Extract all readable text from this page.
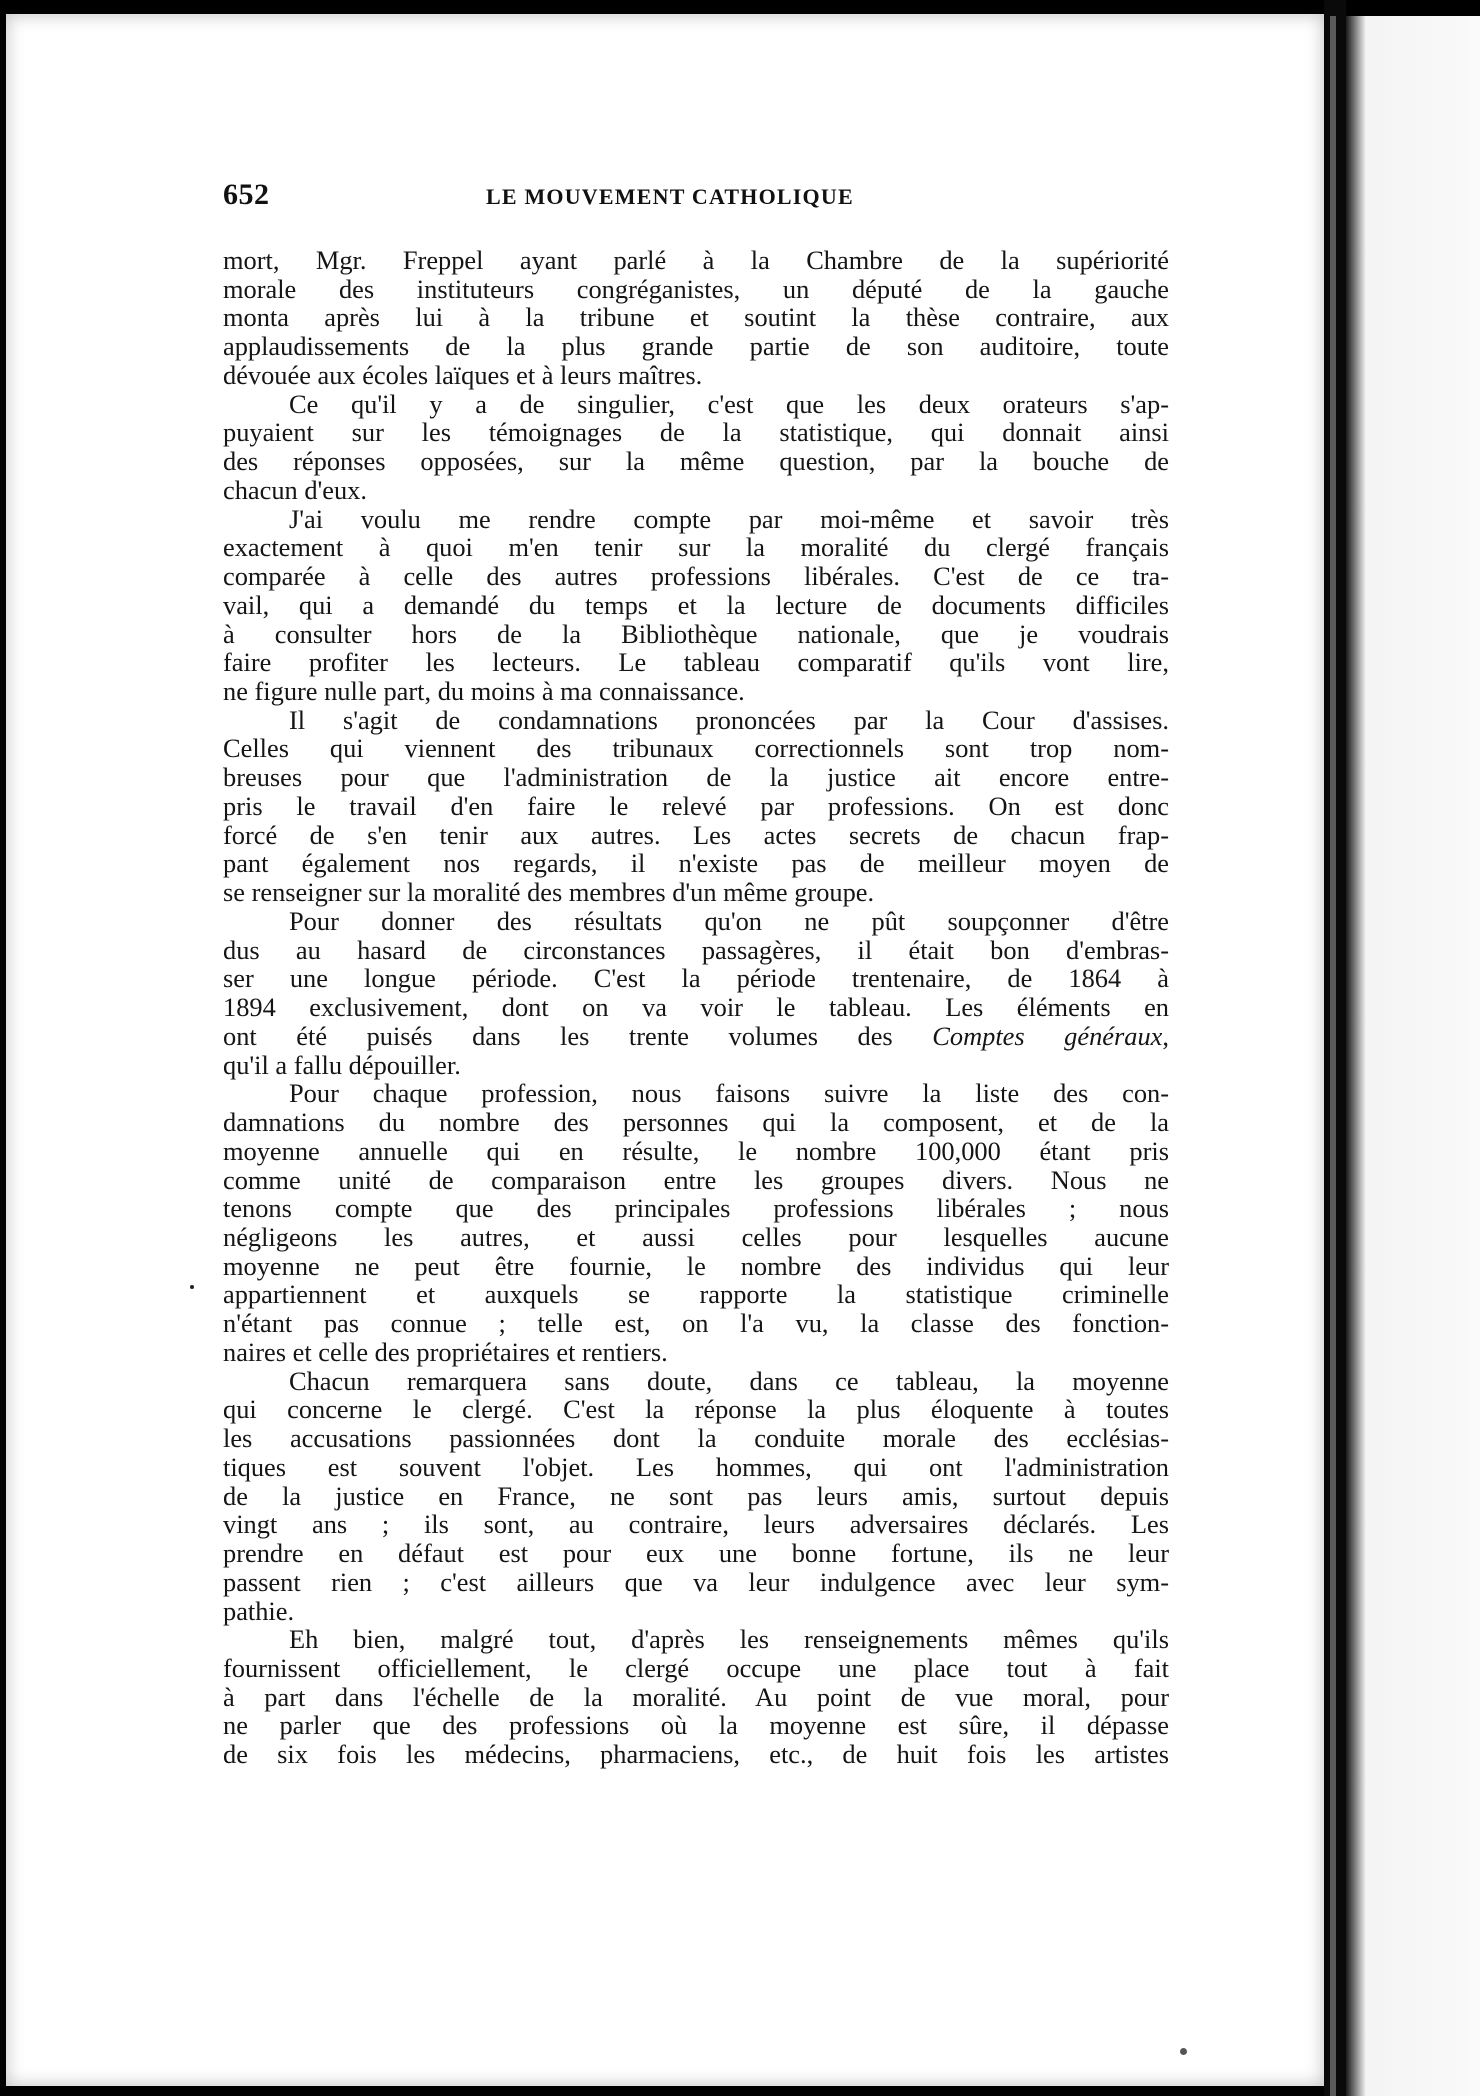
652	LE MOUVEMENT CATHOLIQUE
mort, Mgr. Freppel ayant parlé à la Chambre de la supériorité
morale des instituteurs congréganistes, un député de la gauche
monta après lui à la tribune et soutint la thèse contraire, aux
applaudissements de la plus grande partie de son auditoire, toute
dévouée aux écoles laïques et à leurs maîtres.
Ce qu'il y a de singulier, c'est que les deux orateurs s'ap-
puyaient sur les témoignages de la statistique, qui donnait ainsi
des réponses opposées, sur la même question, par la bouche de
chacun d'eux.
J'ai voulu me rendre compte par moi-même et savoir très
exactement à quoi m'en tenir sur la moralité du clergé français
comparée à celle des autres professions libérales. C'est de ce tra-
vail, qui a demandé du temps et la lecture de documents difficiles
à consulter hors de la Bibliothèque nationale, que je voudrais
faire profiter les lecteurs. Le tableau comparatif qu'ils vont lire,
ne figure nulle part, du moins à ma connaissance.
Il s'agit de condamnations prononcées par la Cour d'assises.
Celles qui viennent des tribunaux correctionnels sont trop nom-
breuses pour que l'administration de la justice ait encore entre-
pris le travail d'en faire le relevé par professions. On est donc
forcé de s'en tenir aux autres. Les actes secrets de chacun frap-
pant également nos regards, il n'existe pas de meilleur moyen de
se renseigner sur la moralité des membres d'un même groupe.
Pour donner des résultats qu'on ne pût soupçonner d'être
dus au hasard de circonstances passagères, il était bon d'embras-
ser une longue période. C'est la période trentenaire, de 1864 à
1894 exclusivement, dont on va voir le tableau. Les éléments en
ont été puisés dans les trente volumes des Comptes généraux,
qu'il a fallu dépouiller.
Pour chaque profession, nous faisons suivre la liste des con-
damnations du nombre des personnes qui la composent, et de la
moyenne annuelle qui en résulte, le nombre 100,000 étant pris
comme unité de comparaison entre les groupes divers. Nous ne
tenons compte que des principales professions libérales ; nous
négligeons les autres, et aussi celles pour lesquelles aucune
moyenne ne peut être fournie, le nombre des individus qui leur
appartiennent et auxquels se rapporte la statistique criminelle
n'étant pas connue ; telle est, on l'a vu, la classe des fonction-
naires et celle des propriétaires et rentiers.
Chacun remarquera sans doute, dans ce tableau, la moyenne
qui concerne le clergé. C'est la réponse la plus éloquente à toutes
les accusations passionnées dont la conduite morale des ecclésias-
tiques est souvent l'objet. Les hommes, qui ont l'administration
de la justice en France, ne sont pas leurs amis, surtout depuis
vingt ans ; ils sont, au contraire, leurs adversaires déclarés. Les
prendre en défaut est pour eux une bonne fortune, ils ne leur
passent rien ; c'est ailleurs que va leur indulgence avec leur sym-
pathie.
Eh bien, malgré tout, d'après les renseignements mêmes qu'ils
fournissent officiellement, le clergé occupe une place tout à fait
à part dans l'échelle de la moralité. Au point de vue moral, pour
ne parler que des professions où la moyenne est sûre, il dépasse
de six fois les médecins, pharmaciens, etc., de huit fois les artistes
